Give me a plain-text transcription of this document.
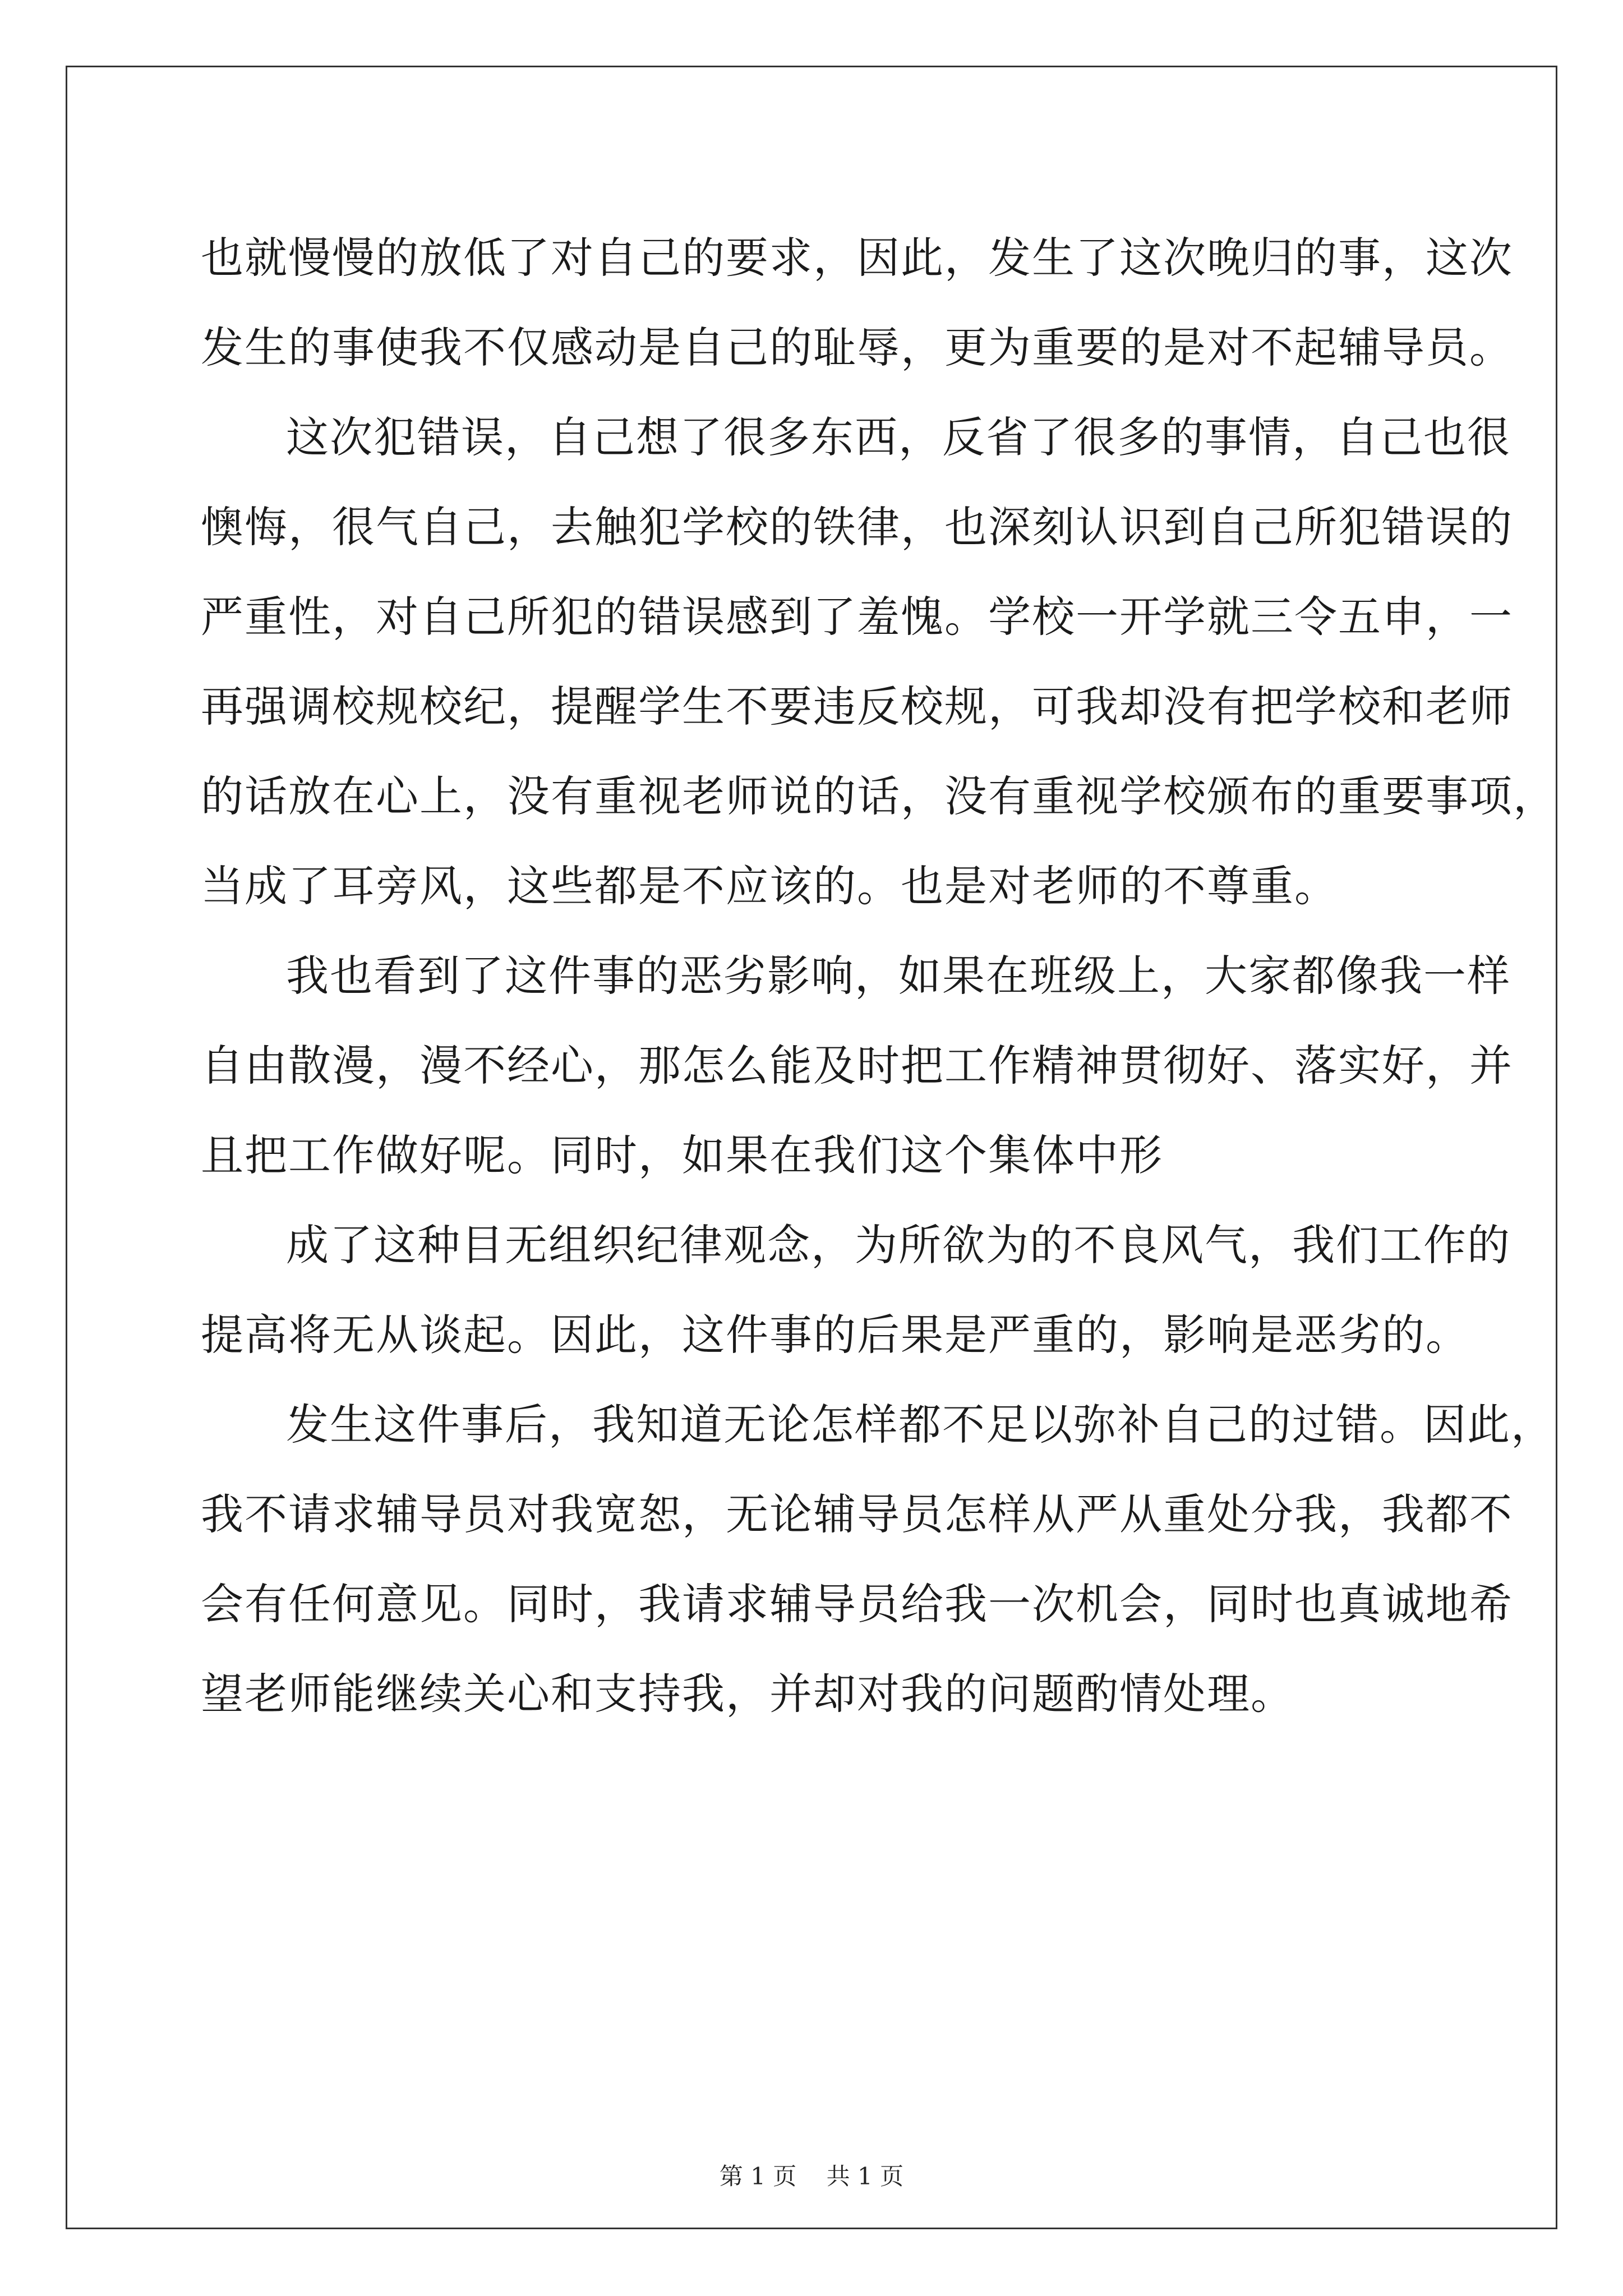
也就慢慢的放低了对自己的要求，因此，发生了这次晚归的事，这次
发生的事使我不仅感动是自己的耻辱，更为重要的是对不起辅导员。
这次犯错误，自己想了很多东西，反省了很多的事情，自己也很
懊悔，很气自己，去触犯学校的铁律，也深刻认识到自己所犯错误的
严重性，对自己所犯的错误感到了羞愧。学校一开学就三令五申，一
再强调校规校纪，提醒学生不要违反校规，可我却没有把学校和老师
的话放在心上，没有重视老师说的话，没有重视学校颁布的重要事项，
当成了耳旁风，这些都是不应该的。也是对老师的不尊重。
我也看到了这件事的恶劣影响，如果在班级上，大家都像我一样
自由散漫，漫不经心，那怎么能及时把工作精神贯彻好、落实好，并
且把工作做好呢。同时，如果在我们这个集体中形
成了这种目无组织纪律观念，为所欲为的不良风气，我们工作的
提高将无从谈起。因此，这件事的后果是严重的，影响是恶劣的。
发生这件事后，我知道无论怎样都不足以弥补自己的过错。因此，
我不请求辅导员对我宽恕，无论辅导员怎样从严从重处分我，我都不
会有任何意见。同时，我请求辅导员给我一次机会，同时也真诚地希
望老师能继续关心和支持我，并却对我的问题酌情处理。
第 1 页 共 1 页
